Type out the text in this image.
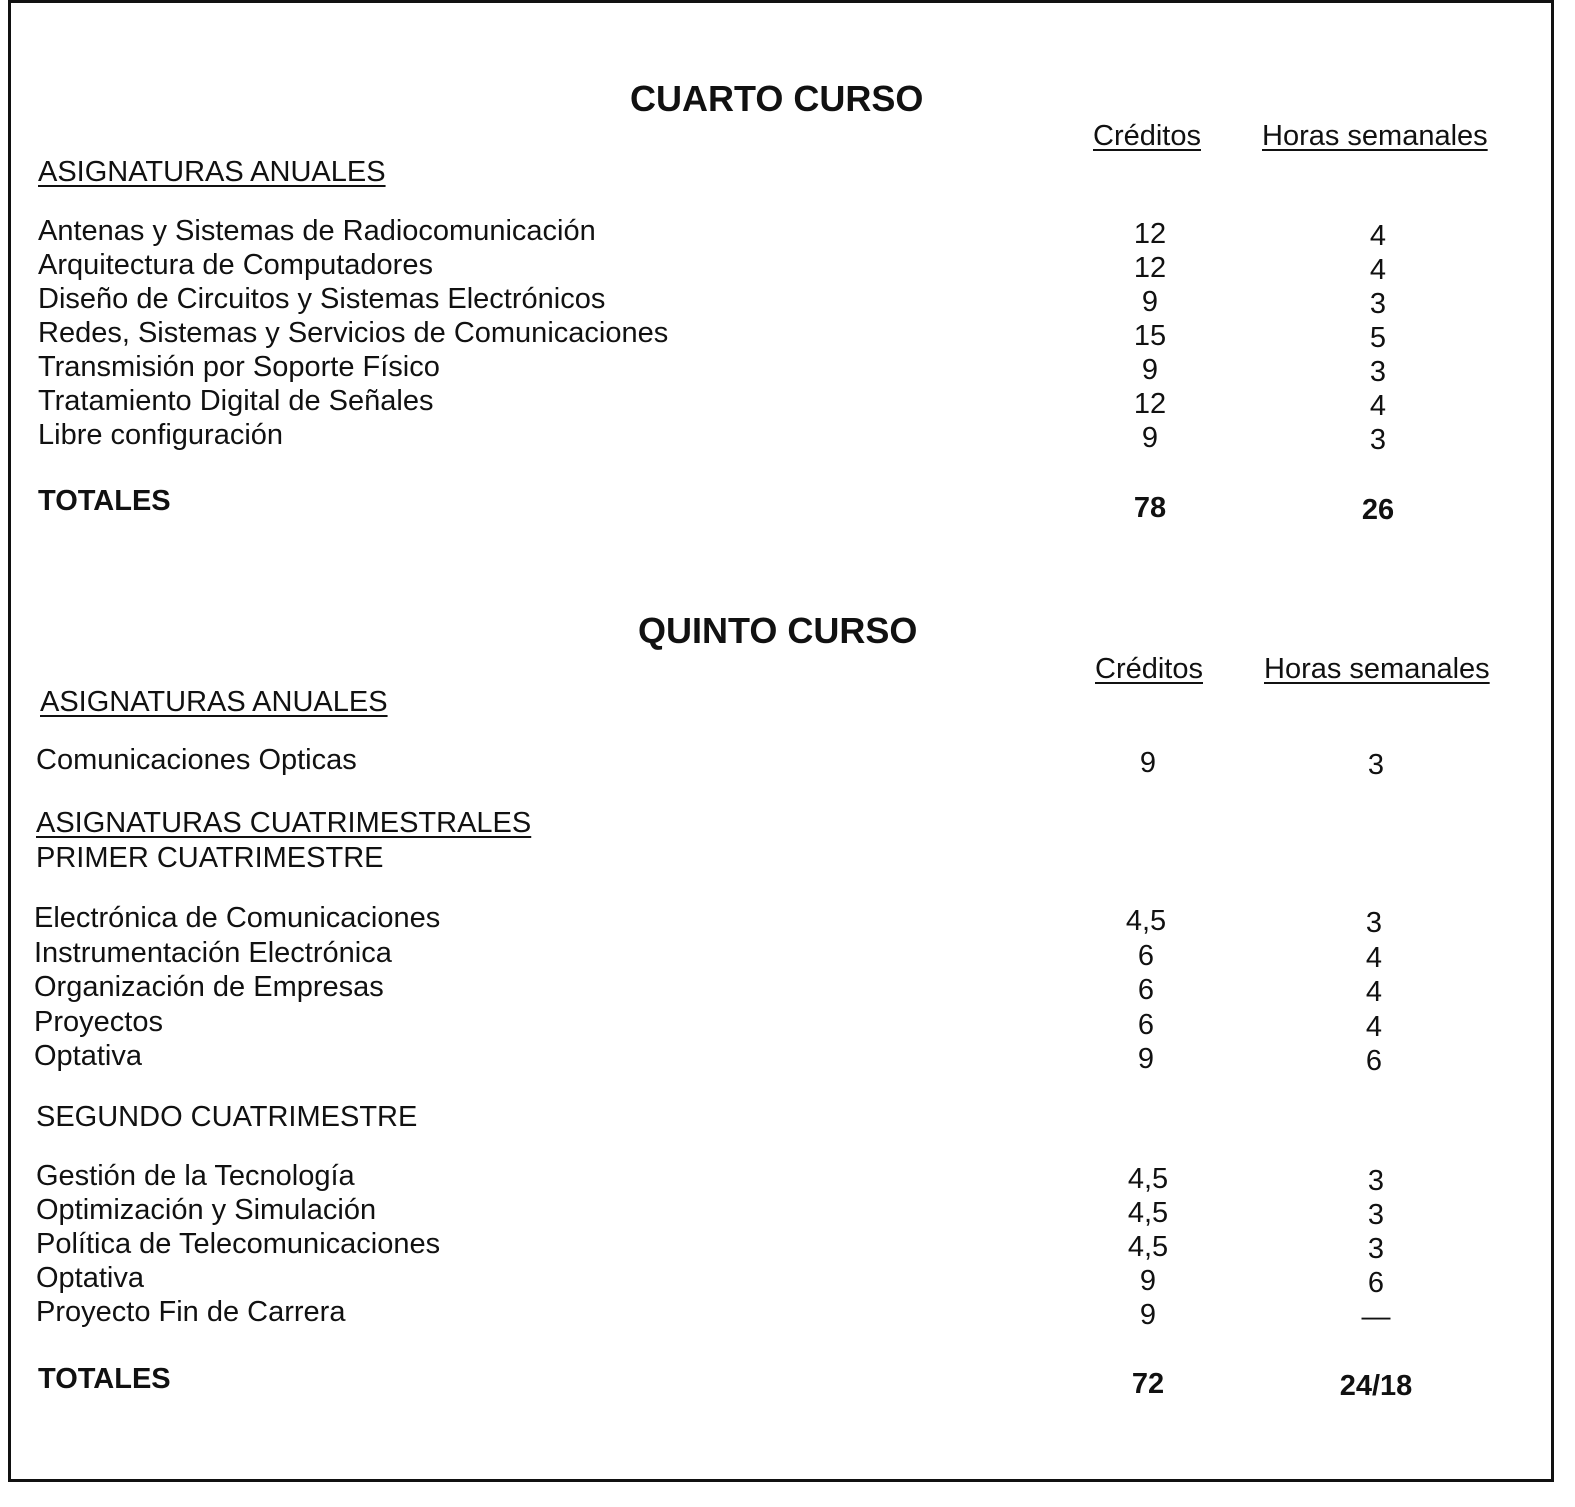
CUARTO CURSO
Créditos Horas semanales
ASIGNATURAS ANUALES
Antenas y Sistemas de Radiocomunicación	12	4
Arquitectura de Computadores	12	4
Diseño de Circuitos y Sistemas Electrónicos	9	3
Redes, Sistemas y Servicios de Comunicaciones	15	5
Transmisión por Soporte Físico	9	3
Tratamiento Digital de Señales	12	4
Libre configuración	9	3
TOTALES	78	26
QUINTO CURSO
Créditos Horas semanales
ASIGNATURAS ANUALES
Comunicaciones Opticas	9	3
ASIGNATURAS CUATRIMESTRALES
PRIMER CUATRIMESTRE
Electrónica de Comunicaciones	4,5	3
Instrumentación Electrónica	6	4
Organización de Empresas	6	4
Proyectos	6	4
Optativa	9	6
SEGUNDO CUATRIMESTRE
Gestión de la Tecnología	4,5	3
Optimización y Simulación	4,5	3
Política de Telecomunicaciones	4,5	3
Optativa	9	6
Proyecto Fin de Carrera	9	—
TOTALES	72	24/18
